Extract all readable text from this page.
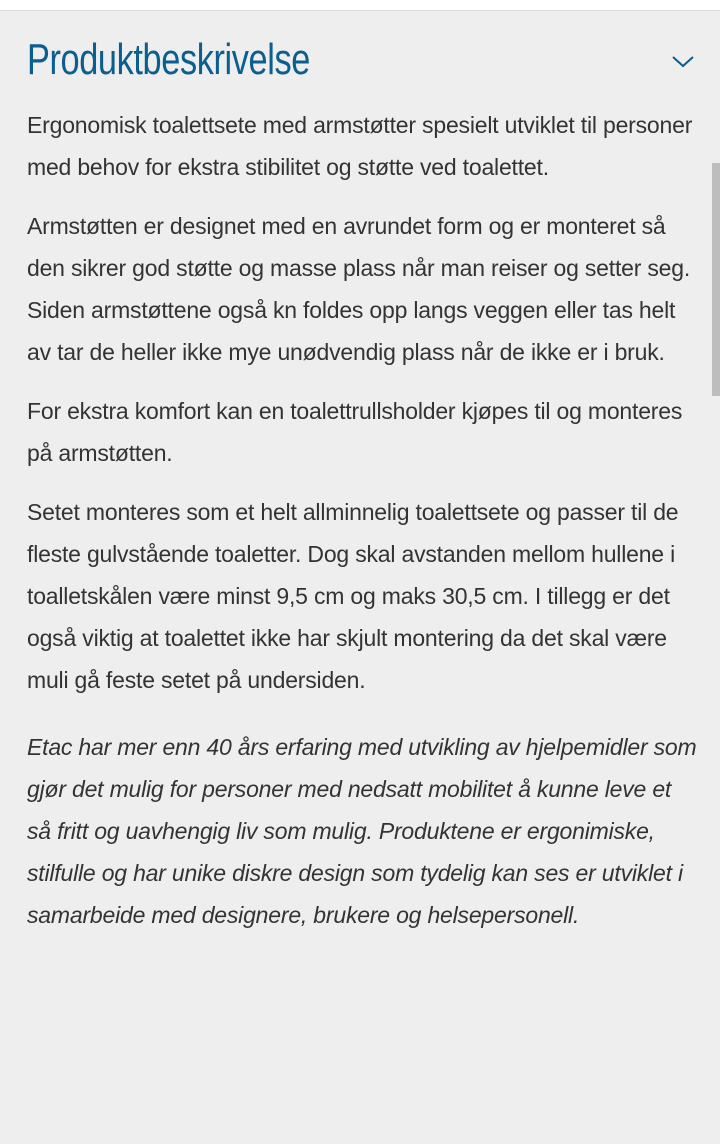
Produktbeskrivelse

Ergonomisk toalettsete med armstøtter spesielt utviklet til personer med behov for ekstra stibilitet og støtte ved toalettet.

Armstøtten er designet med en avrundet form og er monteret så den sikrer god støtte og masse plass når man reiser og setter seg. Siden armstøttene også kn foldes opp langs veggen eller tas helt av tar de heller ikke mye unødvendig plass når de ikke er i bruk.

For ekstra komfort kan en toalettrullsholder kjøpes til og monteres på armstøtten.

Setet monteres som et helt allminnelig toalettsete og passer til de fleste gulvstående toaletter. Dog skal avstanden mellom hullene i toalletskålen være minst 9,5 cm og maks 30,5 cm. I tillegg er det også viktig at toalettet ikke har skjult montering da det skal være muli gå feste setet på undersiden.

Etac har mer enn 40 års erfaring med utvikling av hjelpemidler som gjør det mulig for personer med nedsatt mobilitet å kunne leve et så fritt og uavhengig liv som mulig. Produktene er ergonimiske, stilfulle og har unike diskre design som tydelig kan ses er utviklet i samarbeide med designere, brukere og helsepersonell.
